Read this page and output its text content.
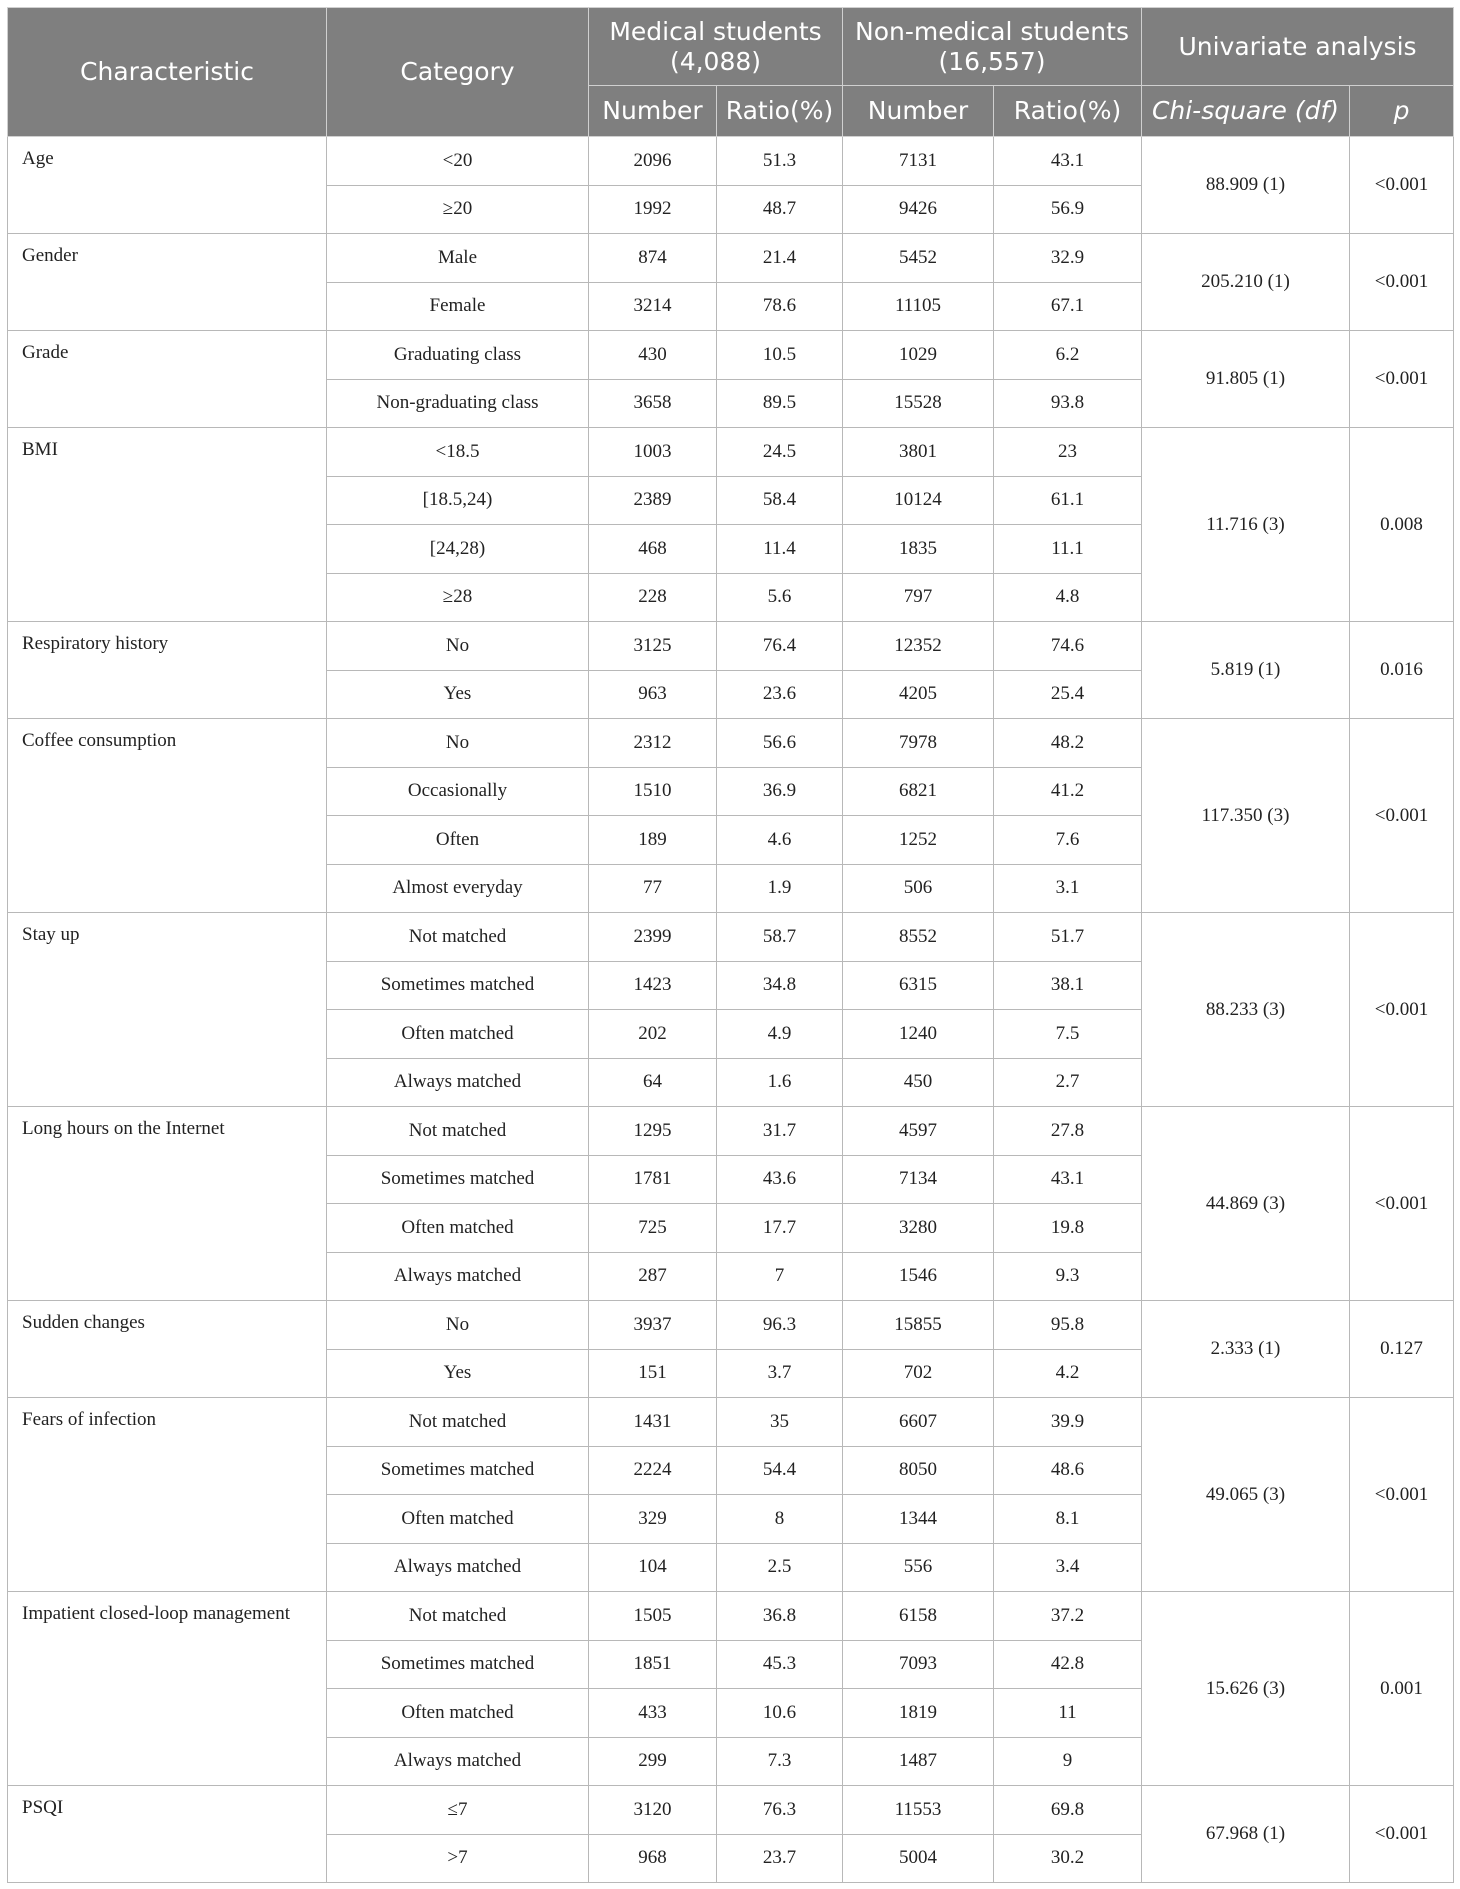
Characteristic	Category	Medical students (4,088)		Non-medical students (16,557)		Univariate analysis	
		Number	Ratio(%)	Number	Ratio(%)	Chi-square (df)	p
Age	<20	2096	51.3	7131	43.1	88.909 (1)	<0.001
	≥20	1992	48.7	9426	56.9		
Gender	Male	874	21.4	5452	32.9	205.210 (1)	<0.001
	Female	3214	78.6	11105	67.1		
Grade	Graduating class	430	10.5	1029	6.2	91.805 (1)	<0.001
	Non-graduating class	3658	89.5	15528	93.8		
BMI	<18.5	1003	24.5	3801	23	11.716 (3)	0.008
	[18.5,24)	2389	58.4	10124	61.1		
	[24,28)	468	11.4	1835	11.1		
	≥28	228	5.6	797	4.8		
Respiratory history	No	3125	76.4	12352	74.6	5.819 (1)	0.016
	Yes	963	23.6	4205	25.4		
Coffee consumption	No	2312	56.6	7978	48.2	117.350 (3)	<0.001
	Occasionally	1510	36.9	6821	41.2		
	Often	189	4.6	1252	7.6		
	Almost everyday	77	1.9	506	3.1		
Stay up	Not matched	2399	58.7	8552	51.7	88.233 (3)	<0.001
	Sometimes matched	1423	34.8	6315	38.1		
	Often matched	202	4.9	1240	7.5		
	Always matched	64	1.6	450	2.7		
Long hours on the Internet	Not matched	1295	31.7	4597	27.8	44.869 (3)	<0.001
	Sometimes matched	1781	43.6	7134	43.1		
	Often matched	725	17.7	3280	19.8		
	Always matched	287	7	1546	9.3		
Sudden changes	No	3937	96.3	15855	95.8	2.333 (1)	0.127
	Yes	151	3.7	702	4.2		
Fears of infection	Not matched	1431	35	6607	39.9	49.065 (3)	<0.001
	Sometimes matched	2224	54.4	8050	48.6		
	Often matched	329	8	1344	8.1		
	Always matched	104	2.5	556	3.4		
Impatient closed-loop management	Not matched	1505	36.8	6158	37.2	15.626 (3)	0.001
	Sometimes matched	1851	45.3	7093	42.8		
	Often matched	433	10.6	1819	11		
	Always matched	299	7.3	1487	9		
PSQI	≤7	3120	76.3	11553	69.8	67.968 (1)	<0.001
	>7	968	23.7	5004	30.2		
